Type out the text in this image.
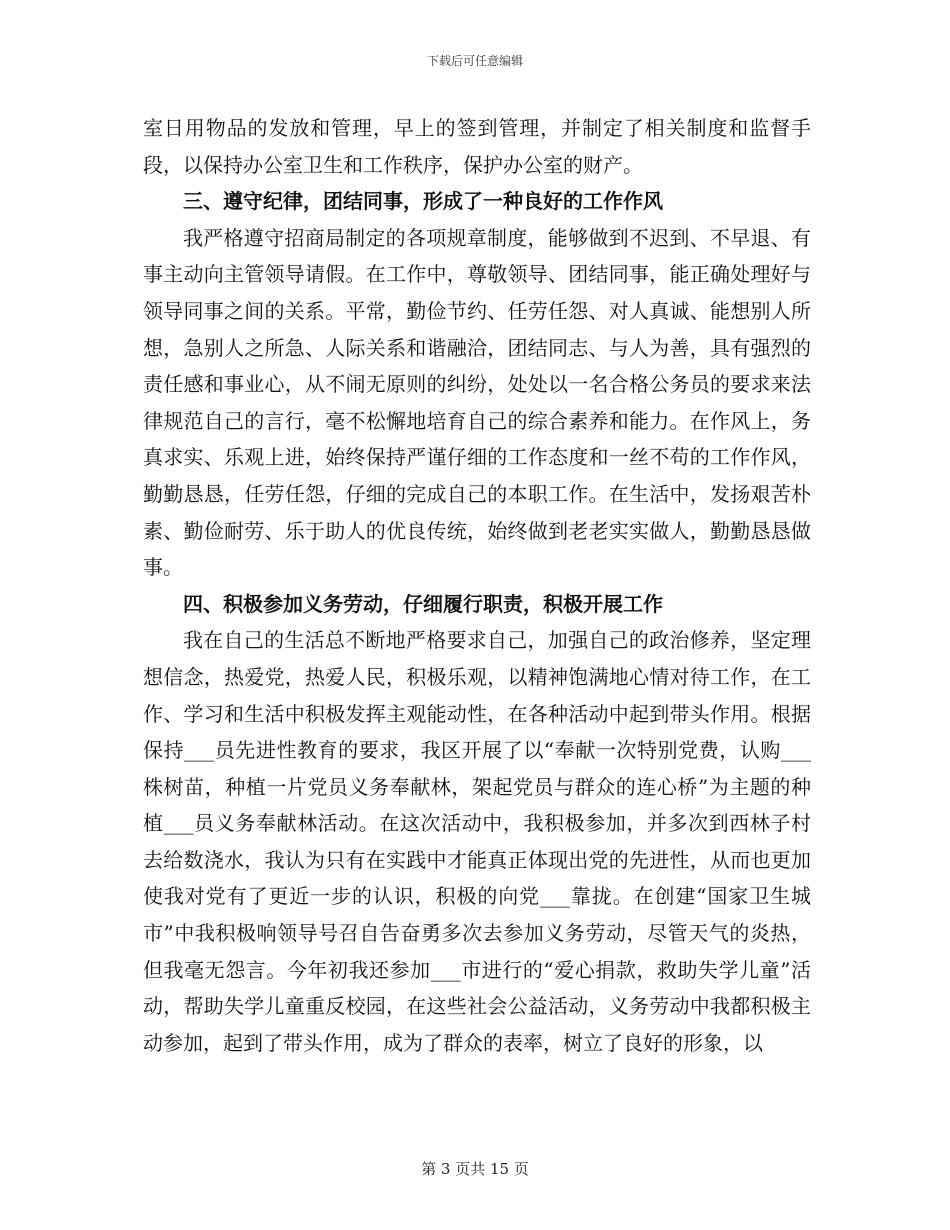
下载后可任意编辑

室日用物品的发放和管理，早上的签到管理，并制定了相关制度和监督手段，以保持办公室卫生和工作秩序，保护办公室的财产。

三、遵守纪律，团结同事，形成了一种良好的工作作风

我严格遵守招商局制定的各项规章制度，能够做到不迟到、不早退、有事主动向主管领导请假。在工作中，尊敬领导、团结同事，能正确处理好与领导同事之间的关系。平常，勤俭节约、任劳任怨、对人真诚、能想别人所想，急别人之所急、人际关系和谐融洽，团结同志、与人为善，具有强烈的责任感和事业心，从不闹无原则的纠纷，处处以一名合格公务员的要求来法律规范自己的言行，毫不松懈地培育自己的综合素养和能力。在作风上，务真求实、乐观上进，始终保持严谨仔细的工作态度和一丝不苟的工作作风，勤勤恳恳，任劳任怨，仔细的完成自己的本职工作。在生活中，发扬艰苦朴素、勤俭耐劳、乐于助人的优良传统，始终做到老老实实做人，勤勤恳恳做事。

四、积极参加义务劳动，仔细履行职责，积极开展工作

我在自己的生活总不断地严格要求自己，加强自己的政治修养，坚定理想信念，热爱党，热爱人民，积极乐观，以精神饱满地心情对待工作，在工作、学习和生活中积极发挥主观能动性，在各种活动中起到带头作用。根据保持___员先进性教育的要求，我区开展了以“奉献一次特别党费，认购___株树苗，种植一片党员义务奉献林，架起党员与群众的连心桥”为主题的种植___员义务奉献林活动。在这次活动中，我积极参加，并多次到西林子村去给数浇水，我认为只有在实践中才能真正体现出党的先进性，从而也更加使我对党有了更近一步的认识，积极的向党___靠拢。在创建“国家卫生城市”中我积极响领导号召自告奋勇多次去参加义务劳动，尽管天气的炎热，但我毫无怨言。今年初我还参加___市进行的“爱心捐款，救助失学儿童”活动，帮助失学儿童重反校园，在这些社会公益活动，义务劳动中我都积极主动参加，起到了带头作用，成为了群众的表率，树立了良好的形象，以

第 3 页共 15 页
